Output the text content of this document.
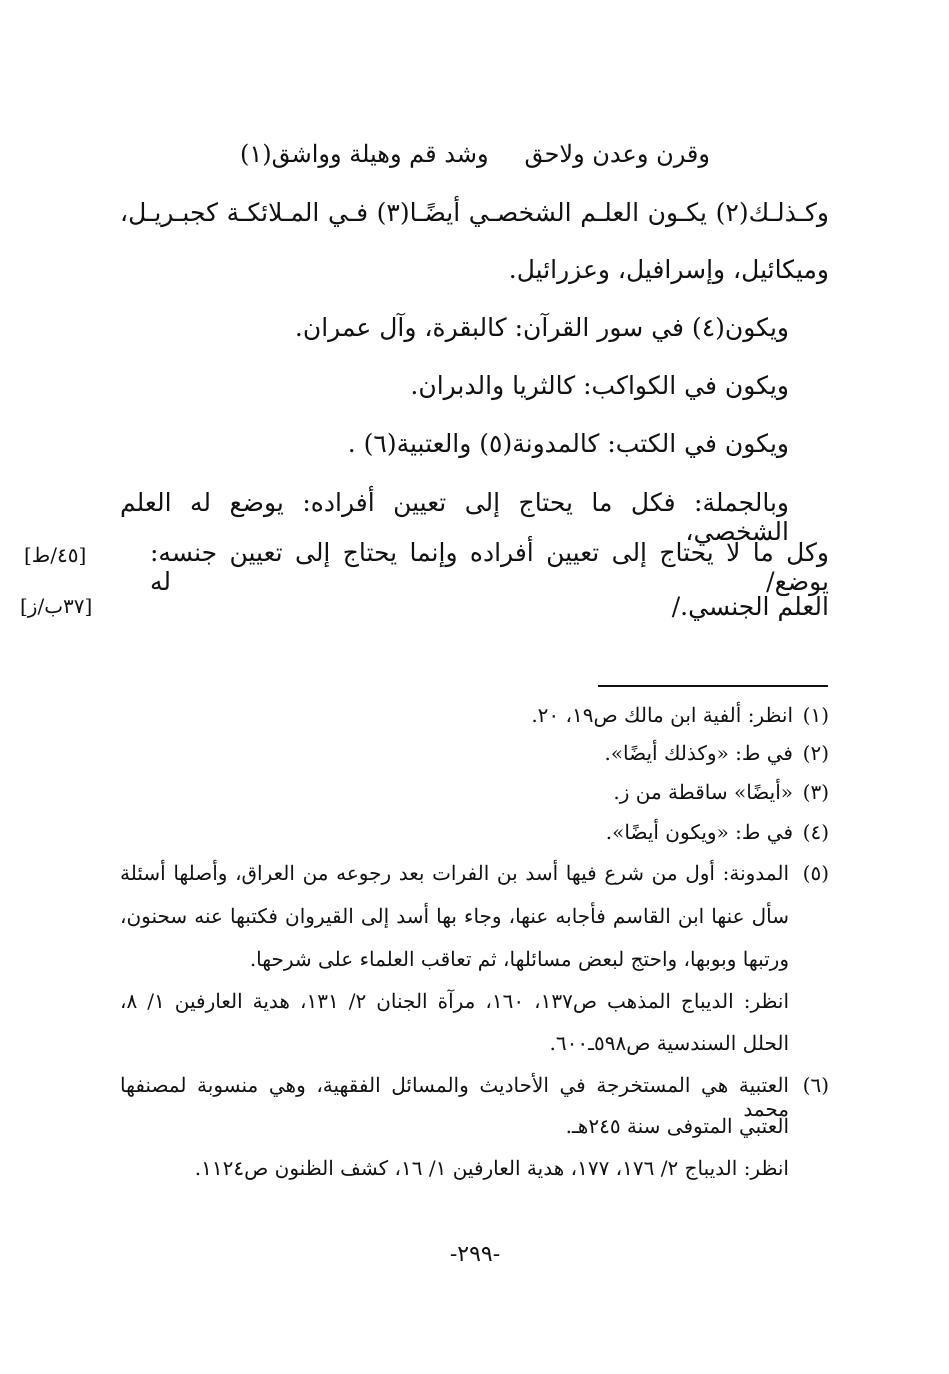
وقرن وعدن ولاحق
وشد قم وهيلة وواشق(١)
وكـذلـك(٢) يكـون العلـم الشخصـي أيضًـا(٣) فـي المـلائكـة كجبـريـل،
وميكائيل، وإسرافيل، وعزرائيل.
ويكون(٤) في سور القرآن: كالبقرة، وآل عمران.
ويكون في الكواكب: كالثريا والدبران.
ويكون في الكتب: كالمدونة(٥) والعتبية(٦) .
وبالجملة: فكل ما يحتاج إلى تعيين أفراده: يوضع له العلم الشخصي،
وكل ما لا يحتاج إلى تعيين أفراده وإنما يحتاج إلى تعيين جنسه: يوضع/ له
العلم الجنسي./
[٤٥/ط]
[٣٧ب/ز]
(١)انظر: ألفية ابن مالك ص١٩، ٢٠.
(٢)في ط: «وكذلك أيضًا».
(٣)«أيضًا» ساقطة من ز.
(٤)في ط: «ويكون أيضًا».
(٥)
المدونة: أول من شرع فيها أسد بن الفرات بعد رجوعه من العراق، وأصلها أسئلة
سأل عنها ابن القاسم فأجابه عنها، وجاء بها أسد إلى القيروان فكتبها عنه سحنون،
ورتبها وبوبها، واحتج لبعض مسائلها، ثم تعاقب العلماء على شرحها.
انظر: الديباج المذهب ص١٣٧، ١٦٠، مرآة الجنان ٢/ ١٣١، هدية العارفين ١/ ٨،
الحلل السندسية ص٥٩٨ـ٦٠٠.
(٦)
العتبية هي المستخرجة في الأحاديث والمسائل الفقهية، وهي منسوبة لمصنفها محمد
العتبي المتوفى سنة ٢٤٥هـ.
انظر: الديباج ٢/ ١٧٦، ١٧٧، هدية العارفين ١/ ١٦، كشف الظنون ص١١٢٤.
-٢٩٩-
